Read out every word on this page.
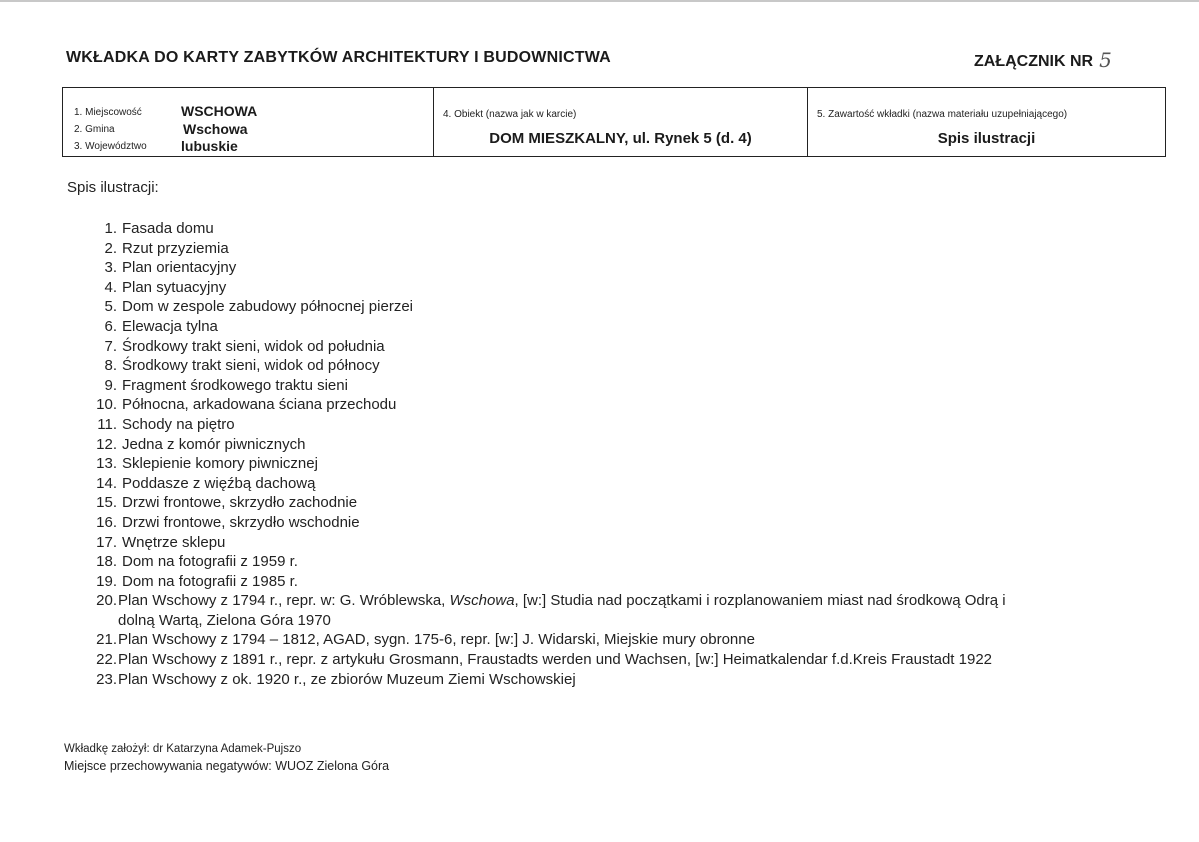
WKŁADKA DO KARTY ZABYTKÓW ARCHITEKTURY I BUDOWNICTWA	ZAŁĄCZNIK NR 5
1. Miejscowość	WSCHOWA
2. Gmina	Wschowa
3. Województwo lubuskie
4. Obiekt (nazwa jak w karcie)
DOM MIESZKALNY, ul. Rynek 5 (d. 4)
5. Zawartość wkładki (nazwa materiału uzupełniającego)
Spis ilustracji
Spis ilustracji:
1. Fasada domu
2. Rzut przyziemia
3. Plan orientacyjny
4. Plan sytuacyjny
5. Dom w zespole zabudowy północnej pierzei
6. Elewacja tylna
7. Środkowy trakt sieni, widok od południa
8. Środkowy trakt sieni, widok od północy
9. Fragment środkowego traktu sieni
10. Północna, arkadowana ściana przechodu
11. Schody na piętro
12. Jedna z komór piwnicznych
13. Sklepienie komory piwnicznej
14. Poddasze z więźbą dachową
15. Drzwi frontowe, skrzydło zachodnie
16. Drzwi frontowe, skrzydło wschodnie
17. Wnętrze sklepu
18. Dom na fotografii z 1959 r.
19. Dom na fotografii z 1985 r.
20. Plan Wschowy z 1794 r., repr. w: G. Wróblewska, Wschowa, [w:] Studia nad początkami i rozplanowaniem miast nad środkową Odrą i
dolną Wartą, Zielona Góra 1970
21. Plan Wschowy z 1794 – 1812, AGAD, sygn. 175-6, repr. [w:] J. Widarski, Miejskie mury obronne
22. Plan Wschowy z 1891 r., repr. z artykułu Grosmann, Fraustadts werden und Wachsen, [w:] Heimatkalendar f.d.Kreis Fraustadt 1922
23. Plan Wschowy z ok. 1920 r., ze zbiorów Muzeum Ziemi Wschowskiej
Wkładkę założył: dr Katarzyna Adamek-Pujszo
Miejsce przechowywania negatywów: WUOZ Zielona Góra
